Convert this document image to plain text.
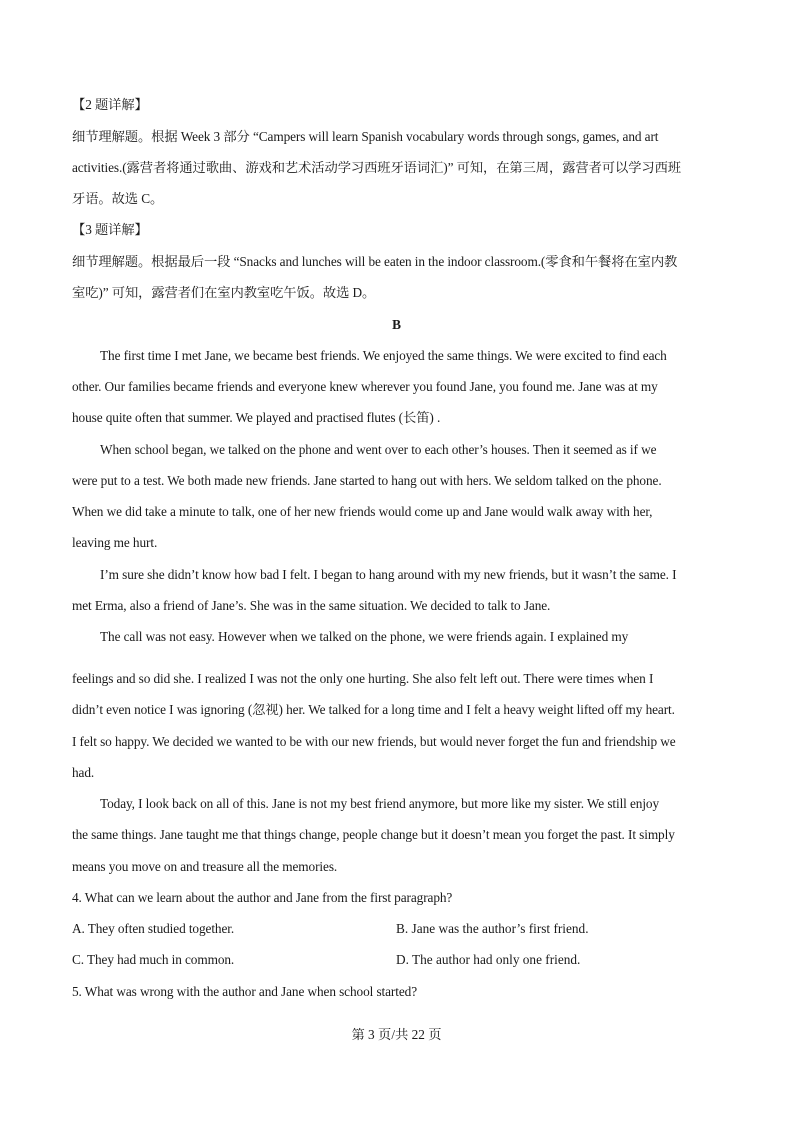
【2 题详解】
细节理解题。根据 Week 3 部分 “Campers will learn Spanish vocabulary words through songs, games, and art
activities.(露营者将通过歌曲、游戏和艺术活动学习西班牙语词汇)” 可知，在第三周，露营者可以学习西班
牙语。故选 C。
【3 题详解】
细节理解题。根据最后一段 “Snacks and lunches will be eaten in the indoor classroom.(零食和午餐将在室内教
室吃)” 可知，露营者们在室内教室吃午饭。故选 D。
B
The first time I met Jane, we became best friends. We enjoyed the same things. We were excited to find each
other. Our families became friends and everyone knew wherever you found Jane, you found me. Jane was at my
house quite often that summer. We played and practised flutes (长笛) .
When school began, we talked on the phone and went over to each other’s houses. Then it seemed as if we
were put to a test. We both made new friends. Jane started to hang out with hers. We seldom talked on the phone.
When we did take a minute to talk, one of her new friends would come up and Jane would walk away with her,
leaving me hurt.
I’m sure she didn’t know how bad I felt. I began to hang around with my new friends, but it wasn’t the same. I
met Erma, also a friend of Jane’s. She was in the same situation. We decided to talk to Jane.
The call was not easy. However when we talked on the phone, we were friends again. I explained my
feelings and so did she. I realized I was not the only one hurting. She also felt left out. There were times when I
didn’t even notice I was ignoring (忽视) her. We talked for a long time and I felt a heavy weight lifted off my heart.
I felt so happy. We decided we wanted to be with our new friends, but would never forget the fun and friendship we
had.
Today, I look back on all of this. Jane is not my best friend anymore, but more like my sister. We still enjoy
the same things. Jane taught me that things change, people change but it doesn’t mean you forget the past. It simply
means you move on and treasure all the memories.
4. What can we learn about the author and Jane from the first paragraph?
A. They often studied together.	B. Jane was the author’s first friend.
C. They had much in common.	D. The author had only one friend.
5. What was wrong with the author and Jane when school started?
第 3 页/共 22 页
